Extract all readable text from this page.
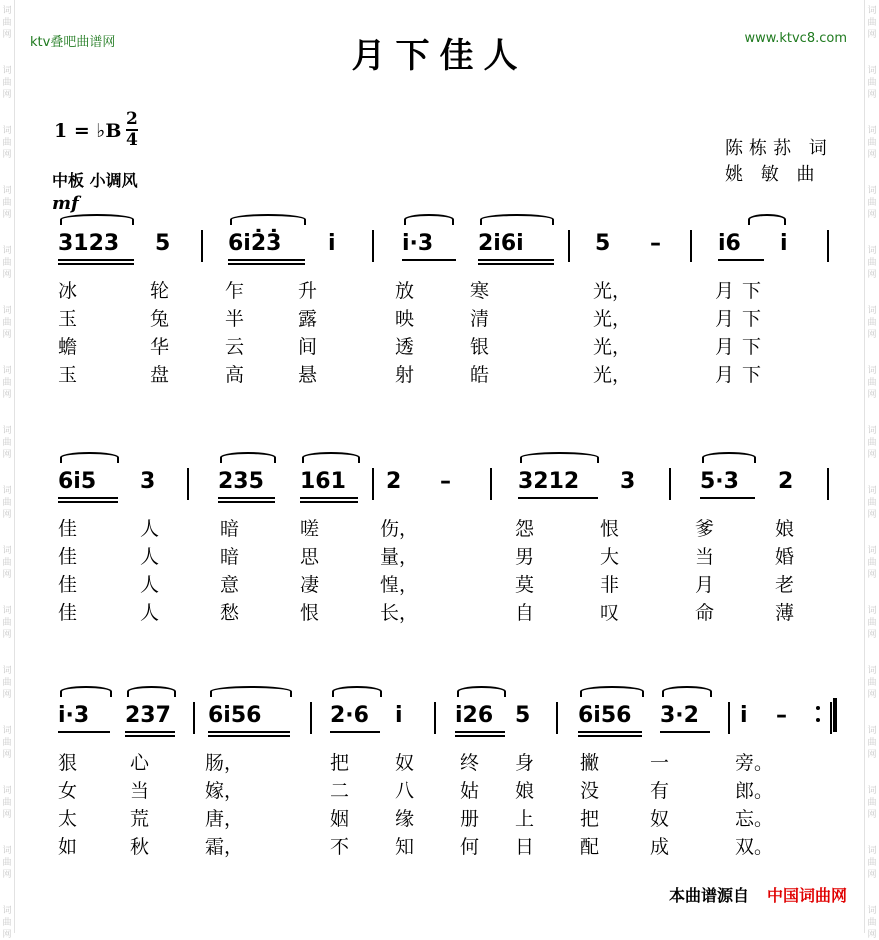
词
曲
网
词
曲
网
词
曲
网
词
曲
网
词
曲
网
词
曲
网
词
曲
网
词
曲
网
词
曲
网
词
曲
网
词
曲
网
词
曲
网
词
曲
网
词
曲
网
词
曲
网
词
曲
网
词
曲
网
词
曲
网
词
曲
网
词
曲
网
词
曲
网
词
曲
网
词
曲
网
词
曲
网
词
曲
网
词
曲
网
词
曲
网
词
曲
网
词
曲
网
词
曲
网
词
曲
网
词
曲
网
ktv叠吧曲谱网	www.ktvc8.com
月下佳人
1 = ♭B
2
4
中板 小调风
mf
陈栋荪 词
姚 敏 曲
3123 5	6i2̇3̇ i	i·3 2i6i	5 –	i6 i
冰	轮	乍	升	放	寒	光，	月 下
玉	兔	半	露	映	清	光，	月 下
蟾	华	云	间	透	银	光，	月 下
玉	盘	高	悬	射	皓	光，	月 下
6i5 3	235 161 2 –	3212 3	5·3 2
佳	人	暗	嗟	伤，	怨	恨	爹	娘
佳	人	暗	思	量，	男	大	当	婚
佳	人	意	凄	惶，	莫	非	月	老
佳	人	愁	恨	长，	自	叹	命	薄
i·3 237 6i56	2·6 i i26 5 6i56 3·2 i –
狠	心	肠，	把 奴 终 身 撇	一	旁。
女	当	嫁，	二 八 姑 娘 没	有	郎。
太	荒	唐，	姻 缘 册 上 把	奴	忘。
如	秋	霜，	不 知 何 日 配	成	双。
本曲谱源自 中国词曲网
